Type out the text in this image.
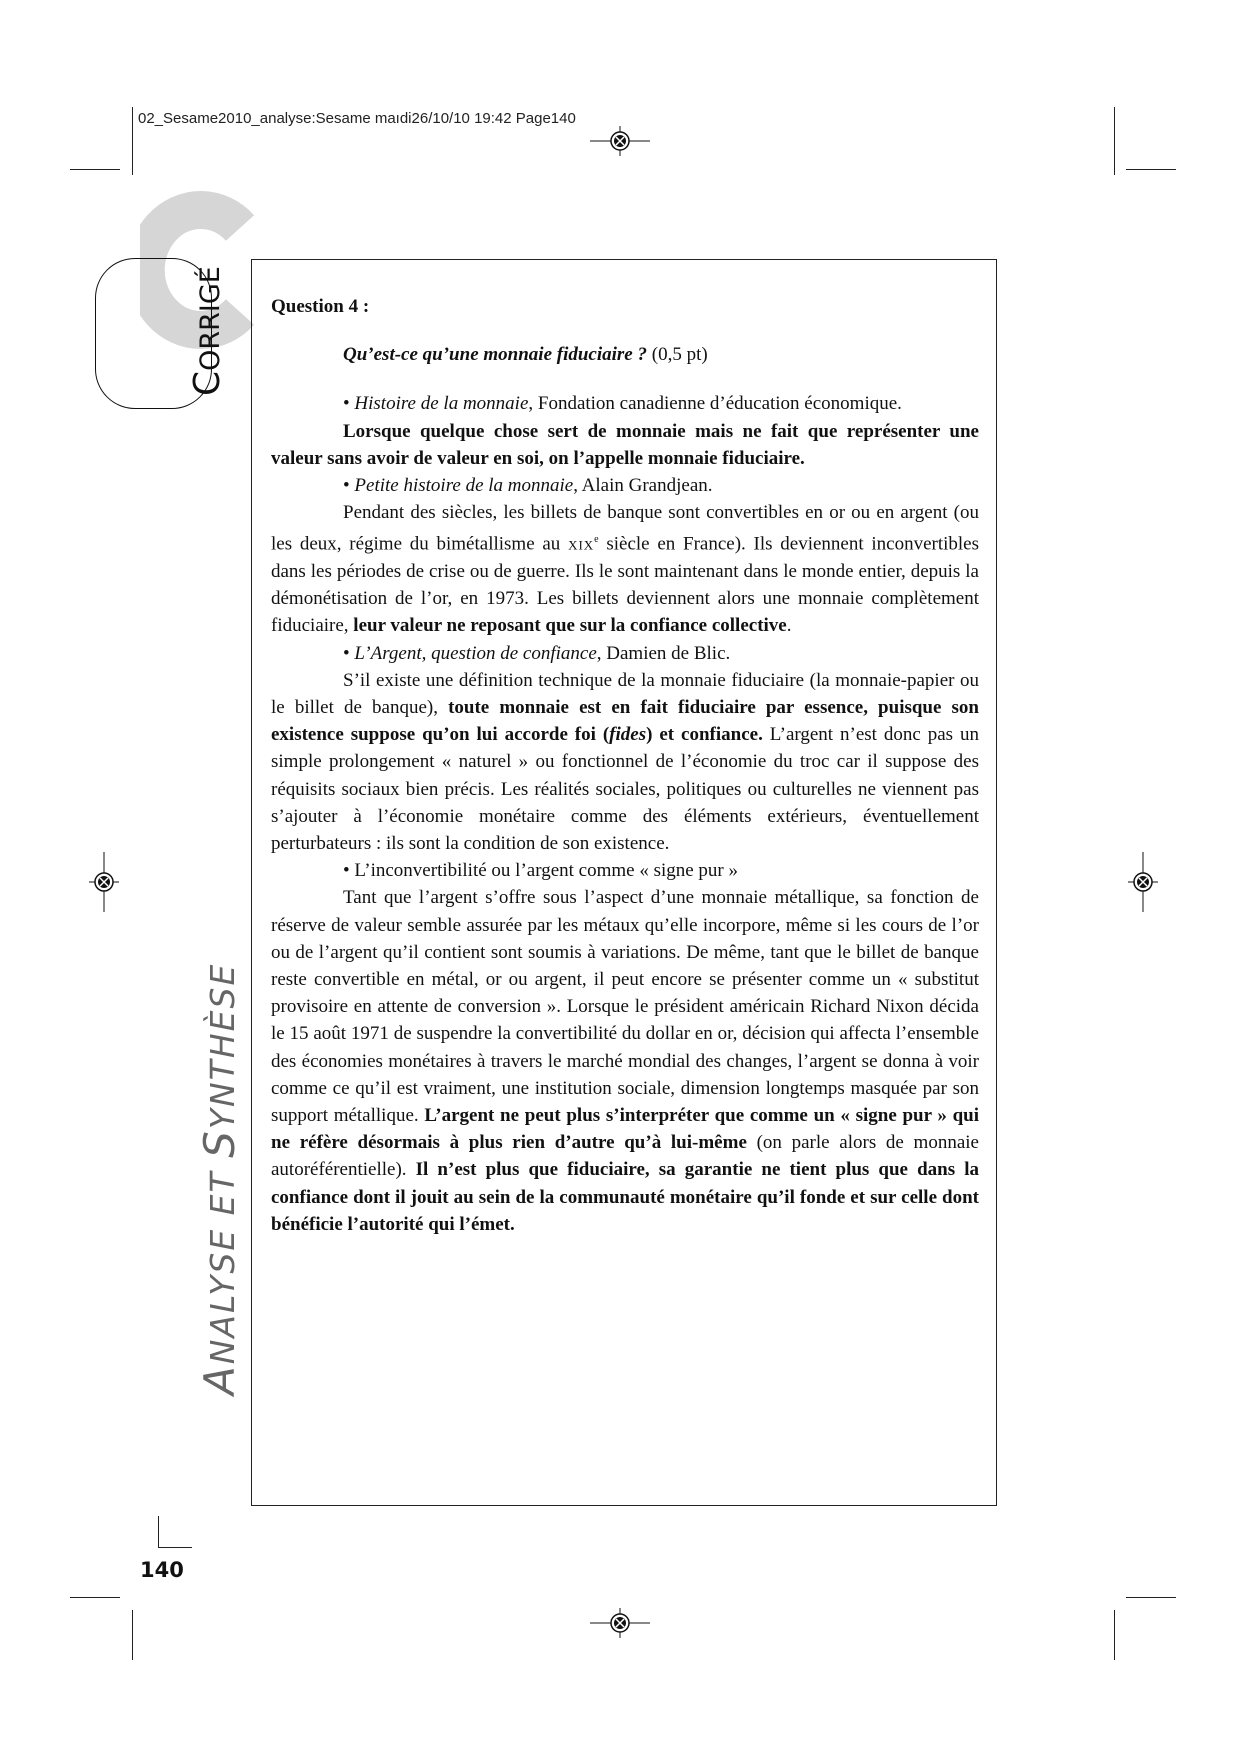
02_Sesame2010_analyse:Sesame maıdi26/10/10 19:42 Page140
CORRIGÉ
ANALYSE ET SYNTHÈSE
140

Question 4 :

Qu’est-ce qu’une monnaie fiduciaire ? (0,5 pt)

• Histoire de la monnaie, Fondation canadienne d’éducation économique.

Lorsque quelque chose sert de monnaie mais ne fait que représenter une valeur sans avoir de valeur en soi, on l’appelle monnaie fiduciaire.

• Petite histoire de la monnaie, Alain Grandjean.

Pendant des siècles, les billets de banque sont convertibles en or ou en argent (ou les deux, régime du bimétallisme au xix$^e$ siècle en France). Ils deviennent inconvertibles dans les périodes de crise ou de guerre. Ils le sont maintenant dans le monde entier, depuis la démonétisation de l’or, en 1973. Les billets deviennent alors une monnaie complètement fiduciaire, leur valeur ne reposant que sur la confiance collective.

• L’Argent, question de confiance, Damien de Blic.

S’il existe une définition technique de la monnaie fiduciaire (la monnaie-papier ou le billet de banque), toute monnaie est en fait fiduciaire par essence, puisque son existence suppose qu’on lui accorde foi (fides) et confiance. L’argent n’est donc pas un simple prolongement « naturel » ou fonctionnel de l’économie du troc car il suppose des réquisits sociaux bien précis. Les réalités sociales, politiques ou culturelles ne viennent pas s’ajouter à l’économie monétaire comme des éléments extérieurs, éventuellement perturbateurs : ils sont la condition de son existence.

• L’inconvertibilité ou l’argent comme « signe pur »

Tant que l’argent s’offre sous l’aspect d’une monnaie métallique, sa fonction de réserve de valeur semble assurée par les métaux qu’elle incorpore, même si les cours de l’or ou de l’argent qu’il contient sont soumis à variations. De même, tant que le billet de banque reste convertible en métal, or ou argent, il peut encore se présenter comme un « substitut provisoire en attente de conversion ». Lorsque le président américain Richard Nixon décida le 15 août 1971 de suspendre la convertibilité du dollar en or, décision qui affecta l’ensemble des économies monétaires à travers le marché mondial des changes, l’argent se donna à voir comme ce qu’il est vraiment, une institution sociale, dimension longtemps masquée par son support métallique. L’argent ne peut plus s’interpréter que comme un « signe pur » qui ne réfère désormais à plus rien d’autre qu’à lui-même (on parle alors de monnaie autoréférentielle). Il n’est plus que fiduciaire, sa garantie ne tient plus que dans la confiance dont il jouit au sein de la communauté monétaire qu’il fonde et sur celle dont bénéficie l’autorité qui l’émet.
